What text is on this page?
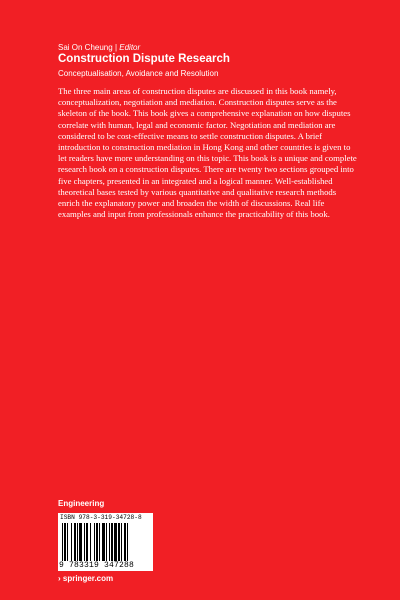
Sai On Cheung | Editor
Construction Dispute Research
Conceptualisation, Avoidance and Resolution

The three main areas of construction disputes are discussed in this book namely, conceptualization, negotiation and mediation. Construction disputes serve as the skeleton of the book. This book gives a comprehensive explanation on how disputes correlate with human, legal and economic factor. Negotiation and mediation are considered to be cost-effective means to settle construction disputes. A brief introduction to construction mediation in Hong Kong and other countries is given to let readers have more understanding on this topic. This book is a unique and complete research book on a construction disputes. There are twenty two sections grouped into five chapters, presented in an integrated and a logical manner. Well-established theoretical bases tested by various quantitative and qualitative research methods enrich the explanatory power and broaden the width of discussions. Real life examples and input from professionals enhance the practicability of this book.

Engineering
ISBN 978-3-319-34728-8
9 783319 347288
› springer.com
